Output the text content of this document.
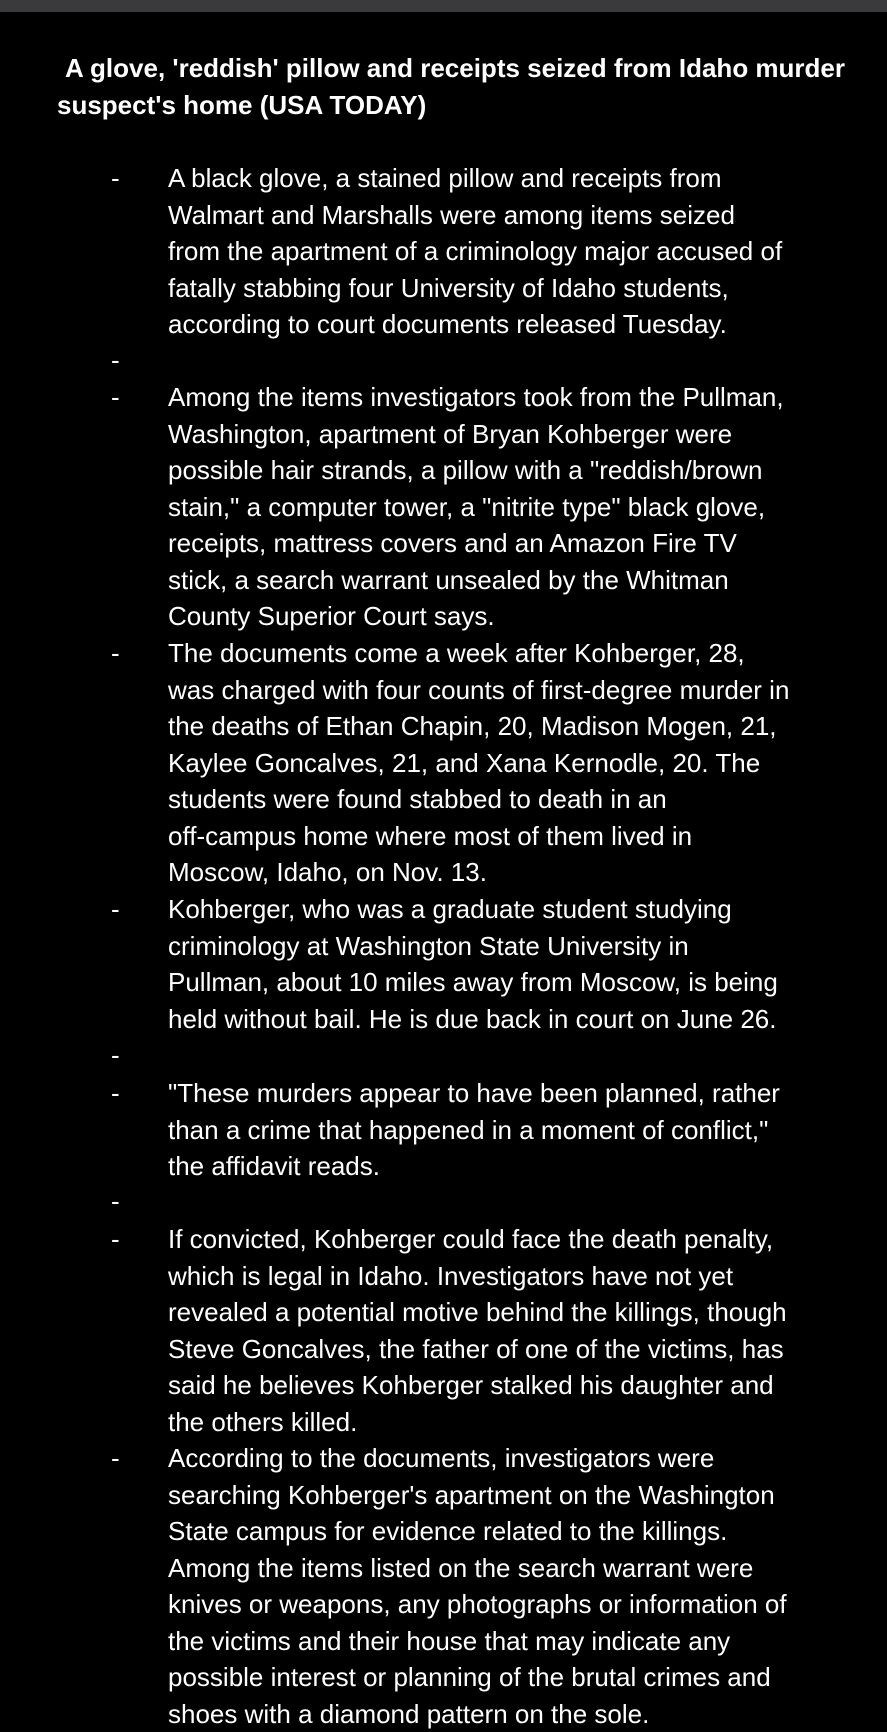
A glove, 'reddish' pillow and receipts seized from Idaho murder suspect's home (USA TODAY)
- A black glove, a stained pillow and receipts from
Walmart and Marshalls were among items seized
from the apartment of a criminology major accused of
fatally stabbing four University of Idaho students,
according to court documents released Tuesday.
-
- Among the items investigators took from the Pullman,
Washington, apartment of Bryan Kohberger were
possible hair strands, a pillow with a "reddish/brown
stain," a computer tower, a "nitrite type" black glove,
receipts, mattress covers and an Amazon Fire TV
stick, a search warrant unsealed by the Whitman
County Superior Court says.
- The documents come a week after Kohberger, 28,
was charged with four counts of first-degree murder in
the deaths of Ethan Chapin, 20, Madison Mogen, 21,
Kaylee Goncalves, 21, and Xana Kernodle, 20. The
students were found stabbed to death in an
off-campus home where most of them lived in
Moscow, Idaho, on Nov. 13.
- Kohberger, who was a graduate student studying
criminology at Washington State University in
Pullman, about 10 miles away from Moscow, is being
held without bail. He is due back in court on June 26.
-
- "These murders appear to have been planned, rather
than a crime that happened in a moment of conflict,"
the affidavit reads.
-
- If convicted, Kohberger could face the death penalty,
which is legal in Idaho. Investigators have not yet
revealed a potential motive behind the killings, though
Steve Goncalves, the father of one of the victims, has
said he believes Kohberger stalked his daughter and
the others killed.
- According to the documents, investigators were
searching Kohberger's apartment on the Washington
State campus for evidence related to the killings.
Among the items listed on the search warrant were
knives or weapons, any photographs or information of
the victims and their house that may indicate any
possible interest or planning of the brutal crimes and
shoes with a diamond pattern on the sole.
